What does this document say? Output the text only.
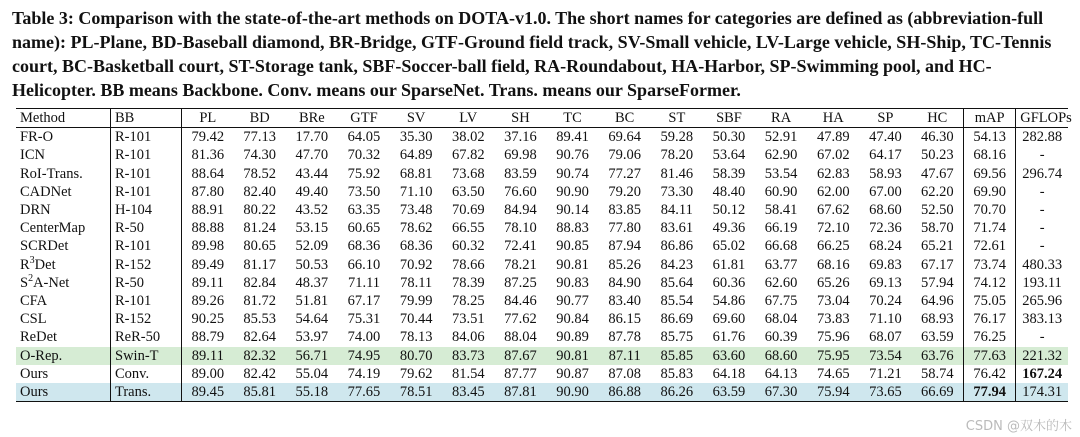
Table 3: Comparison with the state-of-the-art methods on DOTA-v1.0. The short names for categories are defined as (abbreviation-full name): PL-Plane, BD-Baseball diamond, BR-Bridge, GTF-Ground field track, SV-Small vehicle, LV-Large vehicle, SH-Ship, TC-Tennis court, BC-Basketball court, ST-Storage tank, SBF-Soccer-ball field, RA-Roundabout, HA-Harbor, SP-Swimming pool, and HC-Helicopter. BB means Backbone. Conv. means our SparseNet. Trans. means our SparseFormer.

Method	BB	PL	BD	BRe	GTF	SV	LV	SH	TC	BC	ST	SBF	RA	HA	SP	HC	mAP	GFLOPs
FR-O	R-101	79.42	77.13	17.70	64.05	35.30	38.02	37.16	89.41	69.64	59.28	50.30	52.91	47.89	47.40	46.30	54.13	282.88
ICN	R-101	81.36	74.30	47.70	70.32	64.89	67.82	69.98	90.76	79.06	78.20	53.64	62.90	67.02	64.17	50.23	68.16	-
RoI-Trans.	R-101	88.64	78.52	43.44	75.92	68.81	73.68	83.59	90.74	77.27	81.46	58.39	53.54	62.83	58.93	47.67	69.56	296.74
CADNet	R-101	87.80	82.40	49.40	73.50	71.10	63.50	76.60	90.90	79.20	73.30	48.40	60.90	62.00	67.00	62.20	69.90	-
DRN	H-104	88.91	80.22	43.52	63.35	73.48	70.69	84.94	90.14	83.85	84.11	50.12	58.41	67.62	68.60	52.50	70.70	-
CenterMap	R-50	88.88	81.24	53.15	60.65	78.62	66.55	78.10	88.83	77.80	83.61	49.36	66.19	72.10	72.36	58.70	71.74	-
SCRDet	R-101	89.98	80.65	52.09	68.36	68.36	60.32	72.41	90.85	87.94	86.86	65.02	66.68	66.25	68.24	65.21	72.61	-
$R^3Det$	R-152	89.49	81.17	50.53	66.10	70.92	78.66	78.21	90.81	85.26	84.23	61.81	63.77	68.16	69.83	67.17	73.74	480.33
$S^2A$-Net	R-50	89.11	82.84	48.37	71.11	78.11	78.39	87.25	90.83	84.90	85.64	60.36	62.60	65.26	69.13	57.94	74.12	193.11
CFA	R-101	89.26	81.72	51.81	67.17	79.99	78.25	84.46	90.77	83.40	85.54	54.86	67.75	73.04	70.24	64.96	75.05	265.96
CSL	R-152	90.25	85.53	54.64	75.31	70.44	73.51	77.62	90.84	86.15	86.69	69.60	68.04	73.83	71.10	68.93	76.17	383.13
ReDet	ReR-50	88.79	82.64	53.97	74.00	78.13	84.06	88.04	90.89	87.78	85.75	61.76	60.39	75.96	68.07	63.59	76.25	-
O-Rep.	Swin-T	89.11	82.32	56.71	74.95	80.70	83.73	87.67	90.81	87.11	85.85	63.60	68.60	75.95	73.54	63.76	77.63	221.32
Ours	Conv.	89.00	82.42	55.04	74.19	79.62	81.54	87.77	90.87	87.08	85.83	64.18	64.13	74.65	71.21	58.74	76.42	167.24
Ours	Trans.	89.45	85.81	55.18	77.65	78.51	83.45	87.81	90.90	86.88	86.26	63.59	67.30	75.94	73.65	66.69	77.94	174.31
CSDN @双木的木
